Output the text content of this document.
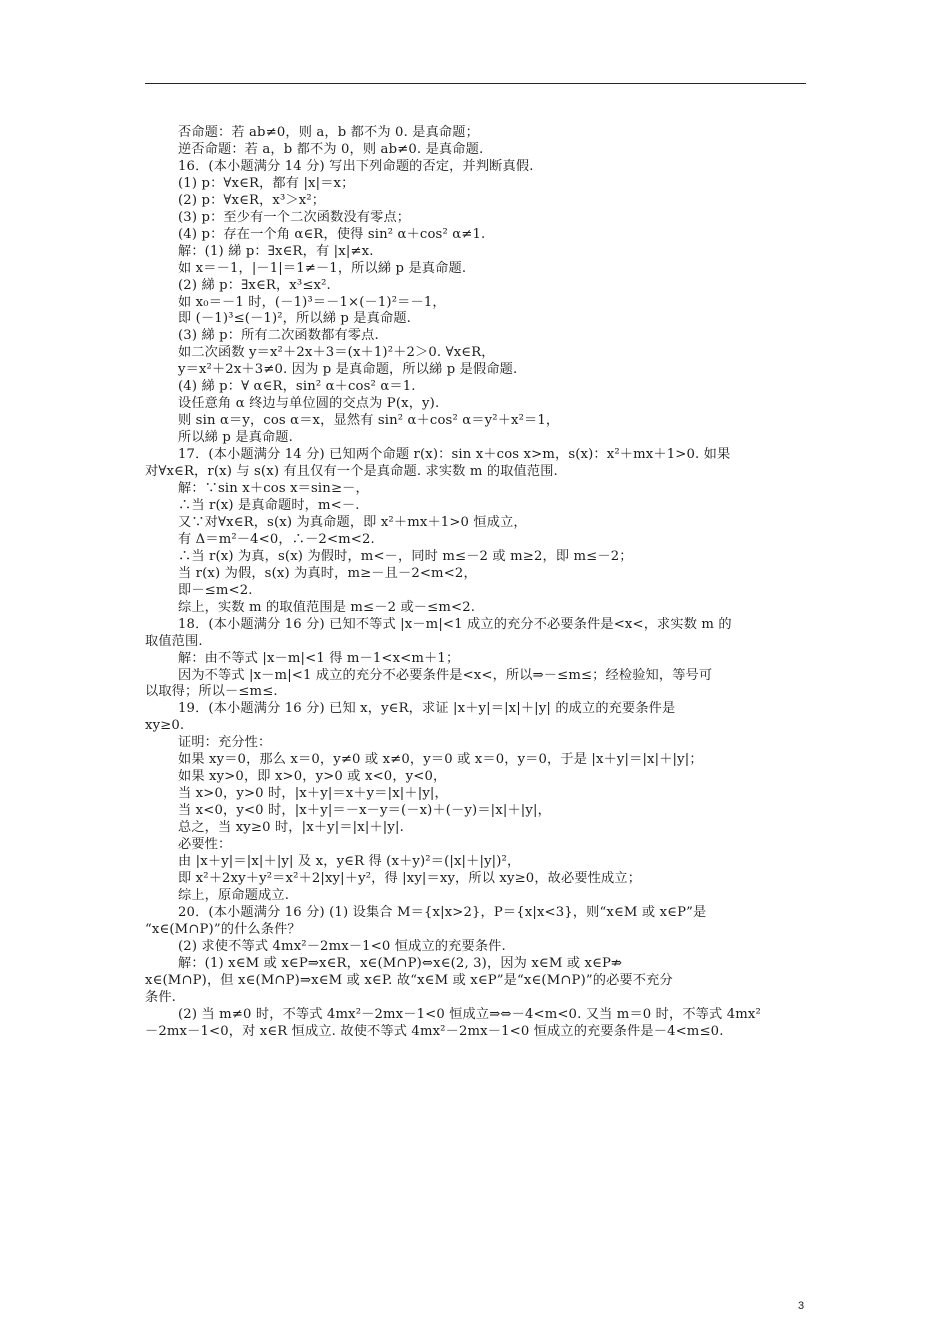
否命题：若 ab≠0，则 a，b 都不为 0. 是真命题；
逆否命题：若 a，b 都不为 0，则 ab≠0. 是真命题.
16．(本小题满分 14 分) 写出下列命题的否定，并判断真假.
(1) p：∀x∈R，都有 |x|＝x；
(2) p：∀x∈R，x³＞x²；
(3) p：至少有一个二次函数没有零点；
(4) p：存在一个角 α∈R，使得 sin² α＋cos² α≠1.
解：(1) 綈 p：∃x∈R，有 |x|≠x.
如 x＝－1，|－1|＝1≠－1，所以綈 p 是真命题.
(2) 綈 p：∃x∈R，x³≤x².
如 x₀＝－1 时，(－1)³＝－1×(－1)²＝－1，
即 (－1)³≤(－1)²，所以綈 p 是真命题.
(3) 綈 p：所有二次函数都有零点.
如二次函数 y＝x²＋2x＋3＝(x＋1)²＋2＞0. ∀x∈R，
y＝x²＋2x＋3≠0. 因为 p 是真命题，所以綈 p 是假命题.
(4) 綈 p：∀ α∈R，sin² α＋cos² α＝1.
设任意角 α 终边与单位圆的交点为 P(x，y).
则 sin α＝y，cos α＝x，显然有 sin² α＋cos² α＝y²＋x²＝1，
所以綈 p 是真命题.
17．(本小题满分 14 分) 已知两个命题 r(x)：sin x＋cos x>m，s(x)：x²＋mx＋1>0. 如果
对∀x∈R，r(x) 与 s(x) 有且仅有一个是真命题. 求实数 m 的取值范围.
解：∵sin x＋cos x＝sin≥－，
∴当 r(x) 是真命题时，m<－.
又∵对∀x∈R，s(x) 为真命题，即 x²＋mx＋1>0 恒成立，
有 Δ＝m²－4<0，∴－2<m<2.
∴当 r(x) 为真，s(x) 为假时，m<－，同时 m≤－2 或 m≥2，即 m≤－2；
当 r(x) 为假，s(x) 为真时，m≥－且－2<m<2，
即－≤m<2.
综上，实数 m 的取值范围是 m≤－2 或－≤m<2.
18．(本小题满分 16 分) 已知不等式 |x－m|<1 成立的充分不必要条件是<x<，求实数 m 的
取值范围.
解：由不等式 |x－m|<1 得 m－1<x<m＋1；
因为不等式 |x－m|<1 成立的充分不必要条件是<x<，所以⇒－≤m≤；经检验知，等号可
以取得；所以－≤m≤.
19．(本小题满分 16 分) 已知 x，y∈R，求证 |x＋y|＝|x|＋|y| 的成立的充要条件是
xy≥0.
证明：充分性：
如果 xy＝0，那么 x＝0，y≠0 或 x≠0，y＝0 或 x＝0，y＝0，于是 |x＋y|＝|x|＋|y|；
如果 xy>0，即 x>0，y>0 或 x<0，y<0，
当 x>0，y>0 时，|x＋y|＝x＋y＝|x|＋|y|，
当 x<0，y<0 时，|x＋y|＝－x－y＝(－x)＋(－y)＝|x|＋|y|，
总之，当 xy≥0 时，|x＋y|＝|x|＋|y|.
必要性：
由 |x＋y|＝|x|＋|y| 及 x，y∈R 得 (x＋y)²＝(|x|＋|y|)²，
即 x²＋2xy＋y²＝x²＋2|xy|＋y²，得 |xy|＝xy，所以 xy≥0，故必要性成立；
综上，原命题成立.
20．(本小题满分 16 分) (1) 设集合 M＝{x|x>2}，P＝{x|x<3}，则“x∈M 或 x∈P”是
“x∈(M∩P)”的什么条件？
(2) 求使不等式 4mx²－2mx－1<0 恒成立的充要条件.
解：(1) x∈M 或 x∈P⇒x∈R，x∈(M∩P)⇔x∈(2, 3)，因为 x∈M 或 x∈P⇏
x∈(M∩P)，但 x∈(M∩P)⇒x∈M 或 x∈P. 故“x∈M 或 x∈P”是“x∈(M∩P)”的必要不充分
条件.
(2) 当 m≠0 时，不等式 4mx²－2mx－1<0 恒成立⇒⇔－4<m<0. 又当 m＝0 时，不等式 4mx²
－2mx－1<0，对 x∈R 恒成立. 故使不等式 4mx²－2mx－1<0 恒成立的充要条件是－4<m≤0.
3
